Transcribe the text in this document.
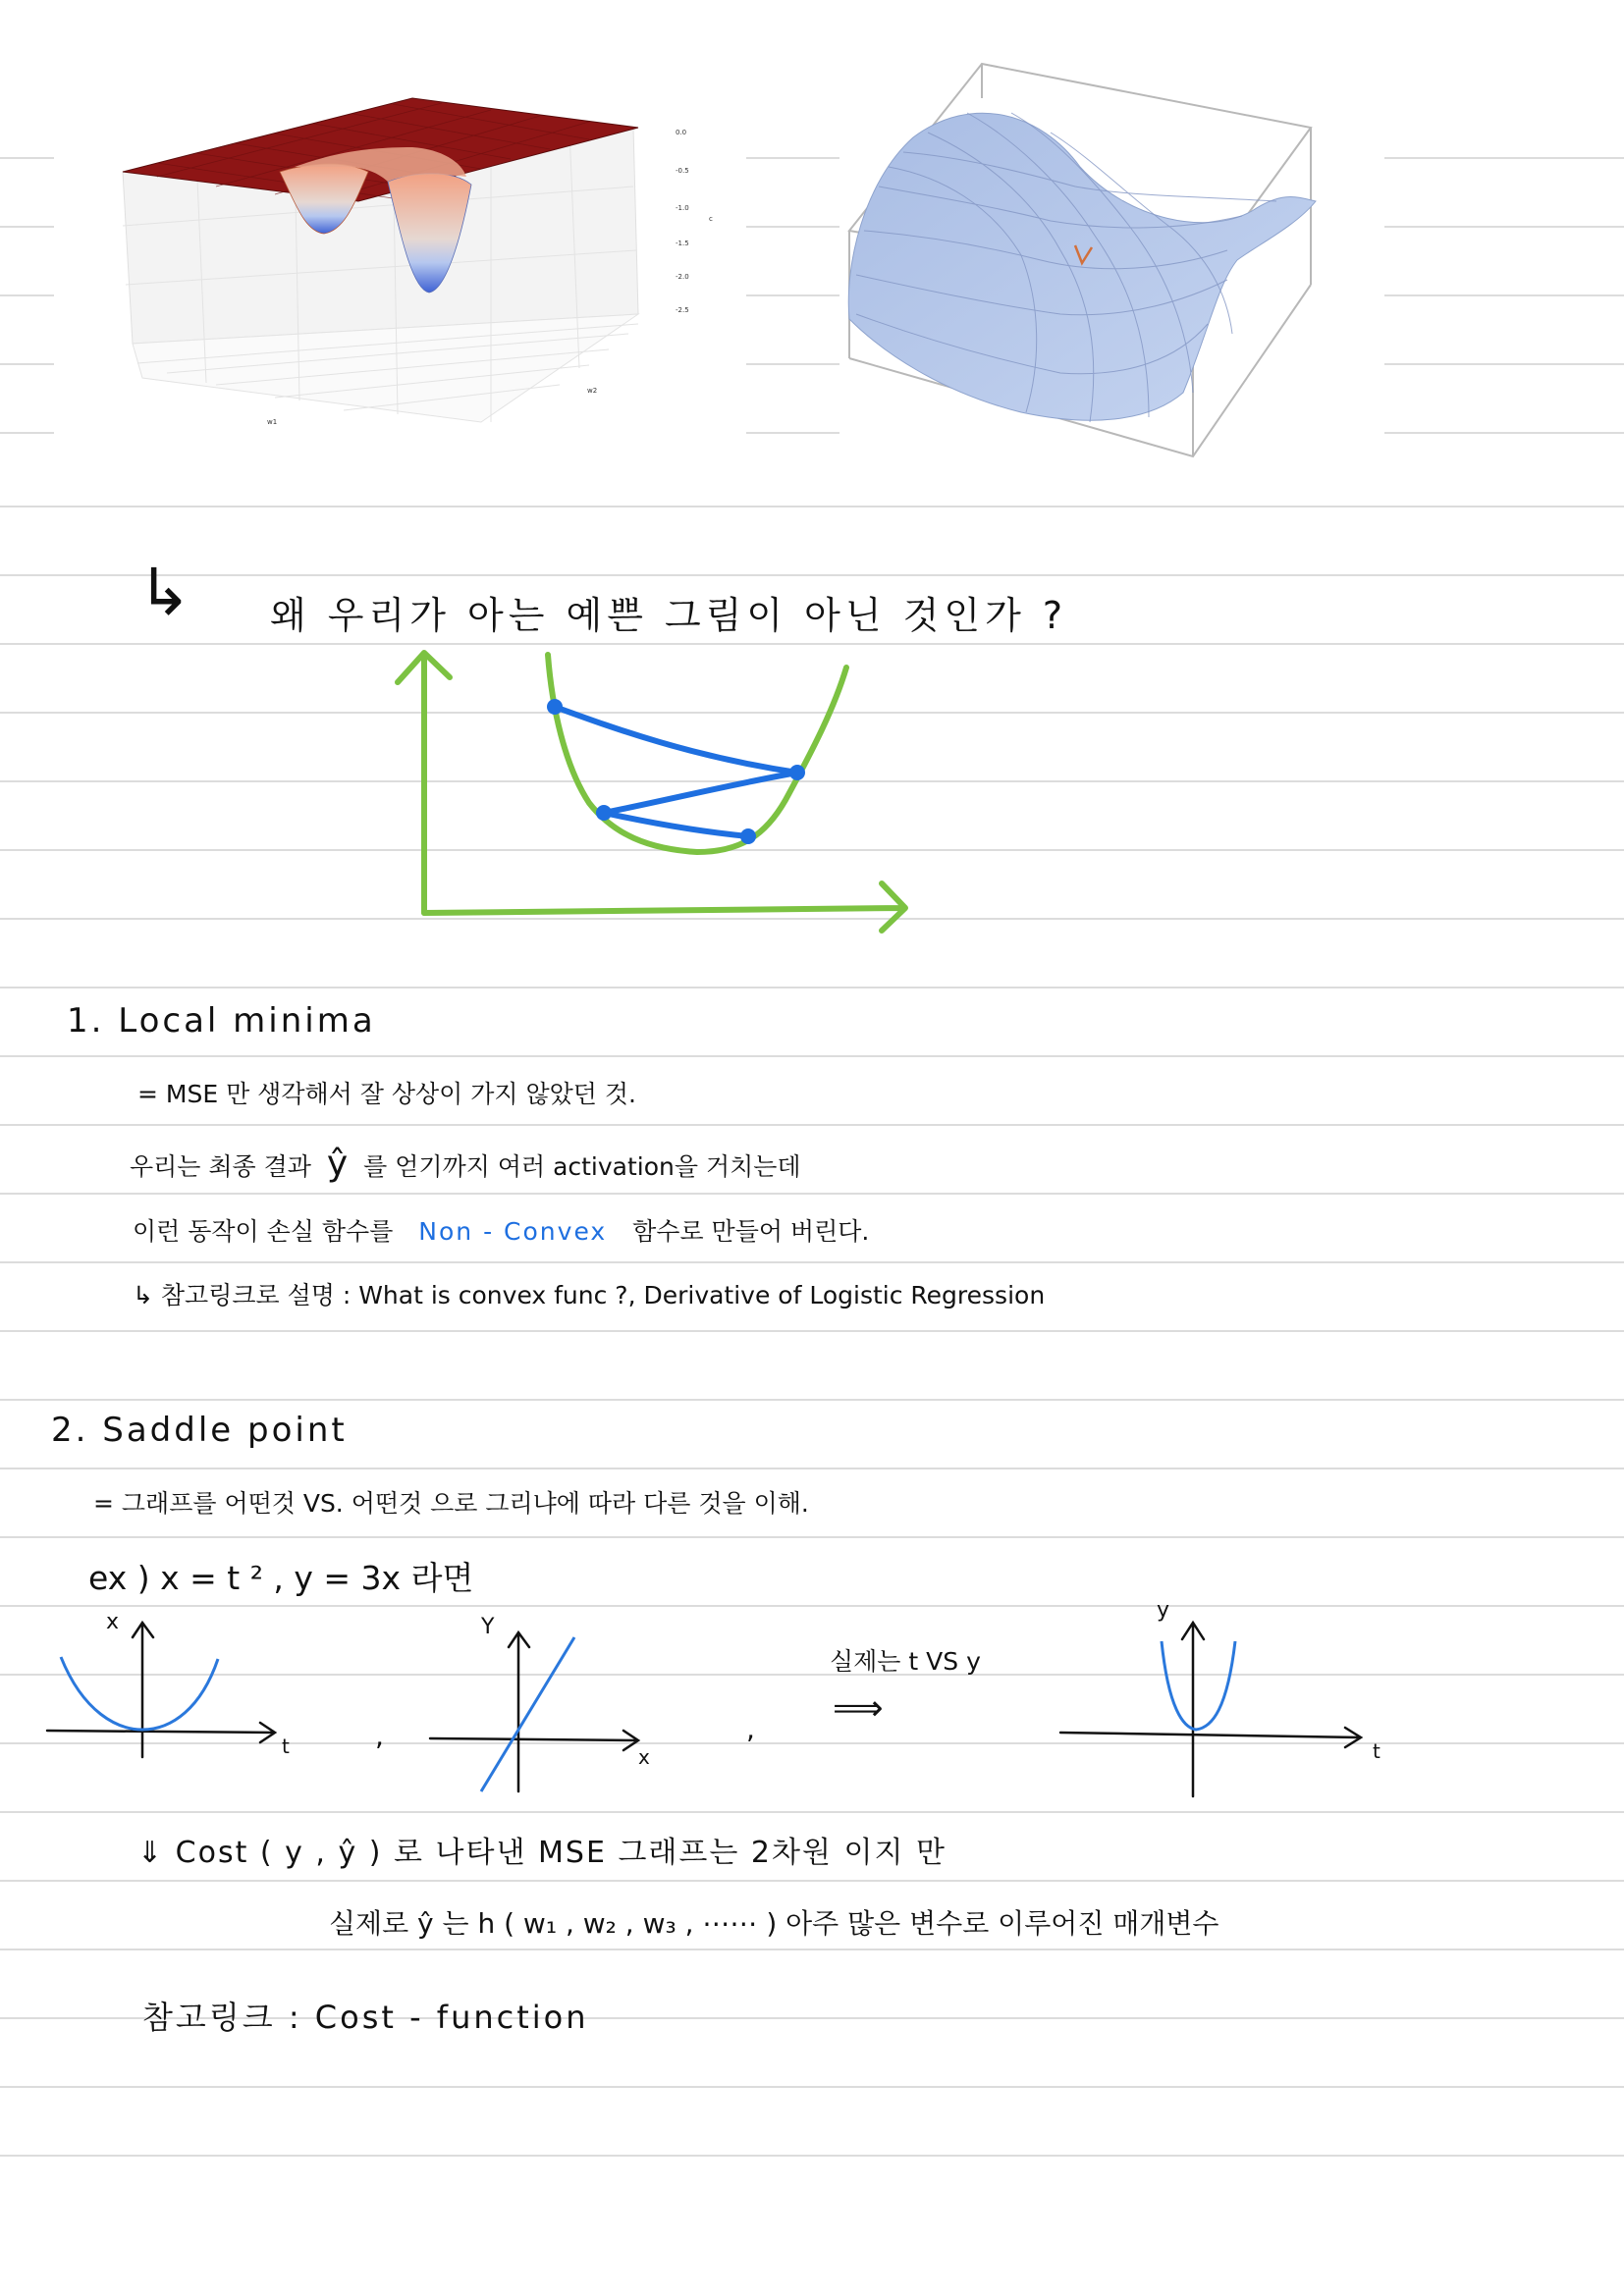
0.0
-0.5
-1.0
-1.5
-2.0
-2.5
c
w1
w2
↳ 왜 우리가 아는 예쁜 그림이 아닌 것인가 ?
1. Local minima
= MSE 만 생각해서 잘 상상이 가지 않았던 것.
우리는 최종 결과 ŷ 를 얻기까지 여러 activation을 거치는데
이런 동작이 손실 함수를 Non - Convex 함수로 만들어 버린다.
↳ 참고링크로 설명 : What is convex func ?, Derivative of Logistic Regression
2. Saddle point
= 그래프를 어떤것 VS. 어떤것 으로 그리냐에 따라 다른 것을 이해.
ex ) x = t ² , y = 3x 라면
x
t	,
Y
x
,
실제는 t VS y
⟹
y
t
⇓ Cost ( y , ŷ ) 로 나타낸 MSE 그래프는 2차원 이지 만
실제로 ŷ 는 h ( w₁ , w₂ , w₃ , ⋯⋯ ) 아주 많은 변수로 이루어진 매개변수
참고링크 : Cost - function
